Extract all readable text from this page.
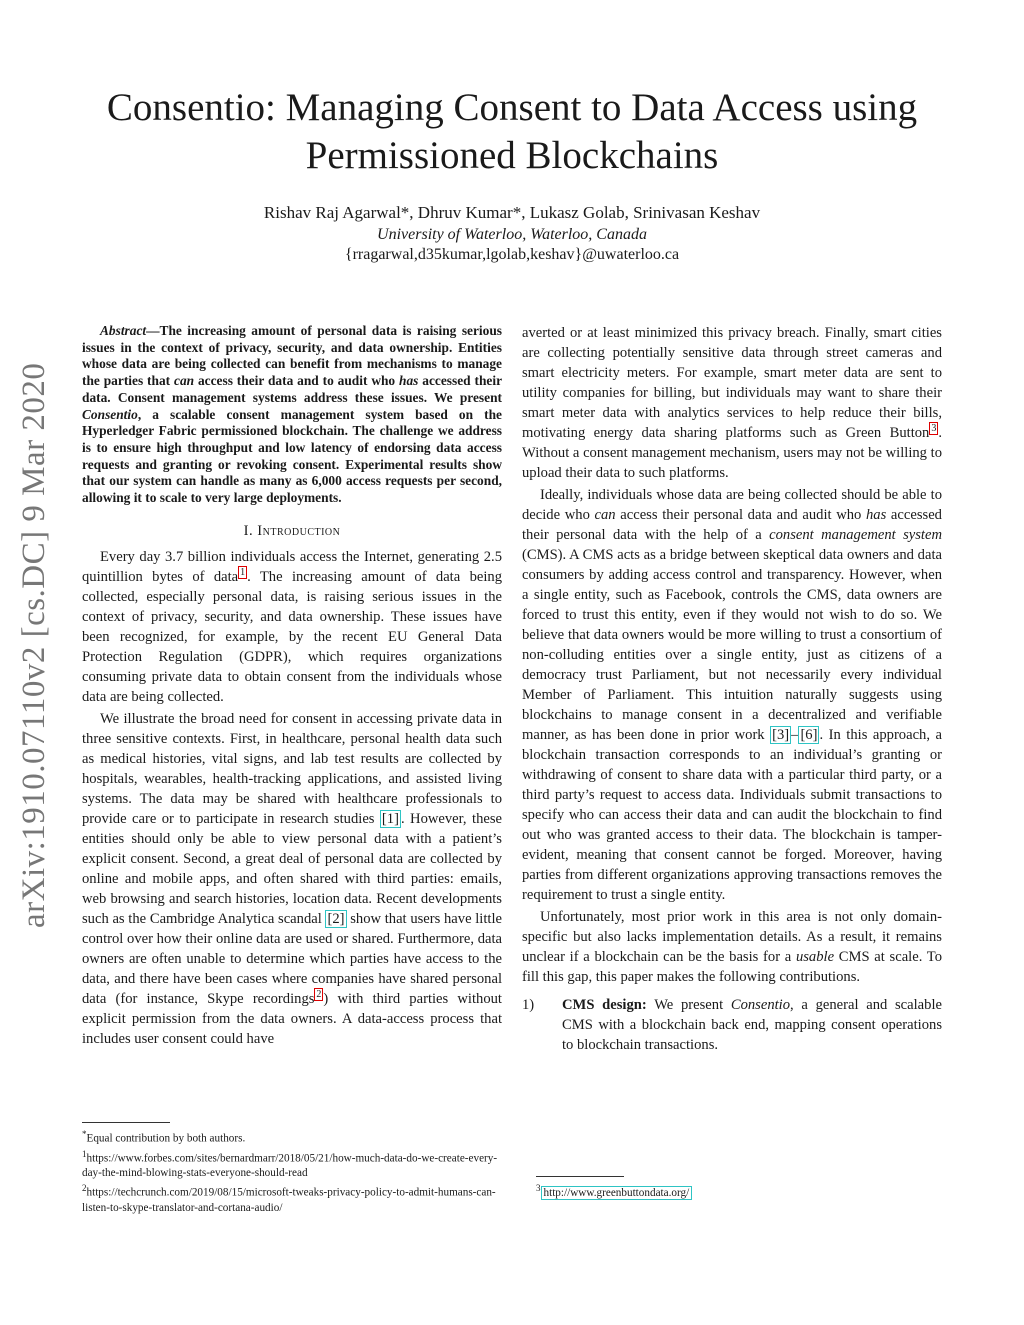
arXiv:1910.07110v2 [cs.DC] 9 Mar 2020
Consentio: Managing Consent to Data Access using
Permissioned Blockchains
Rishav Raj Agarwal*, Dhruv Kumar*, Lukasz Golab, Srinivasan Keshav
University of Waterloo, Waterloo, Canada
{rragarwal,d35kumar,lgolab,keshav}@uwaterloo.ca

Abstract—The increasing amount of personal data is raising serious issues in the context of privacy, security, and data ownership. Entities whose data are being collected can benefit from mechanisms to manage the parties that can access their data and to audit who has accessed their data. Consent management systems address these issues. We present Consentio, a scalable consent management system based on the Hyperledger Fabric permissioned blockchain. The challenge we address is to ensure high throughput and low latency of endorsing data access requests and granting or revoking consent. Experimental results show that our system can handle as many as 6,000 access requests per second, allowing it to scale to very large deployments.

I. Introduction

Every day 3.7 billion individuals access the Internet, generating 2.5 quintillion bytes of data $^1$ . The increasing amount of data being collected, especially personal data, is raising serious issues in the context of privacy, security, and data ownership. These issues have been recognized, for example, by the recent EU General Data Protection Regulation (GDPR), which requires organizations consuming private data to obtain consent from the individuals whose data are being collected.

We illustrate the broad need for consent in accessing private data in three sensitive contexts. First, in healthcare, personal health data such as medical histories, vital signs, and lab test results are collected by hospitals, wearables, health-tracking applications, and assisted living systems. The data may be shared with healthcare professionals to provide care or to participate in research studies [1] . However, these entities should only be able to view personal data with a patient’s explicit consent. Second, a great deal of personal data are collected by online and mobile apps, and often shared with third parties: emails, web browsing and search histories, location data. Recent developments such as the Cambridge Analytica scandal [2] show that users have little control over how their online data are used or shared. Furthermore, data owners are often unable to determine which parties have access to the data, and there have been cases where companies have shared personal data (for instance, Skype recordings $^2$ ) with third parties without explicit permission from the data owners. A data-access process that includes user consent could have

*Equal contribution by both authors.
$^1$https://www.forbes.com/sites/bernardmarr/2018/05/21/how-much-data-do-we-create-every-day-the-mind-blowing-stats-everyone-should-read
$^2$https://techcrunch.com/2019/08/15/microsoft-tweaks-privacy-policy-to-admit-humans-can-listen-to-skype-translator-and-cortana-audio/

averted or at least minimized this privacy breach. Finally, smart cities are collecting potentially sensitive data through street cameras and smart electricity meters. For example, smart meter data are sent to utility companies for billing, but individuals may want to share their smart meter data with analytics services to help reduce their bills, motivating energy data sharing platforms such as Green Button $^3$ . Without a consent management mechanism, users may not be willing to upload their data to such platforms.

Ideally, individuals whose data are being collected should be able to decide who can access their personal data and audit who has accessed their personal data with the help of a consent management system (CMS). A CMS acts as a bridge between skeptical data owners and data consumers by adding access control and transparency. However, when a single entity, such as Facebook, controls the CMS, data owners are forced to trust this entity, even if they would not wish to do so. We believe that data owners would be more willing to trust a consortium of non-colluding entities over a single entity, just as citizens of a democracy trust Parliament, but not necessarily every individual Member of Parliament. This intuition naturally suggests using blockchains to manage consent in a decentralized and verifiable manner, as has been done in prior work [3] – [6] . In this approach, a blockchain transaction corresponds to an individual’s granting or withdrawing of consent to share data with a particular third party, or a third party’s request to access data. Individuals submit transactions to specify who can access their data and can audit the blockchain to find out who was granted access to their data. The blockchain is tamper-evident, meaning that consent cannot be forged. Moreover, having parties from different organizations approving transactions removes the requirement to trust a single entity.

Unfortunately, most prior work in this area is not only domain-specific but also lacks implementation details. As a result, it remains unclear if a blockchain can be the basis for a usable CMS at scale. To fill this gap, this paper makes the following contributions.

1)	CMS design: We present Consentio, a general and scalable CMS with a blockchain back end, mapping consent operations to blockchain transactions.
$^3$ http://www.greenbuttondata.org/
